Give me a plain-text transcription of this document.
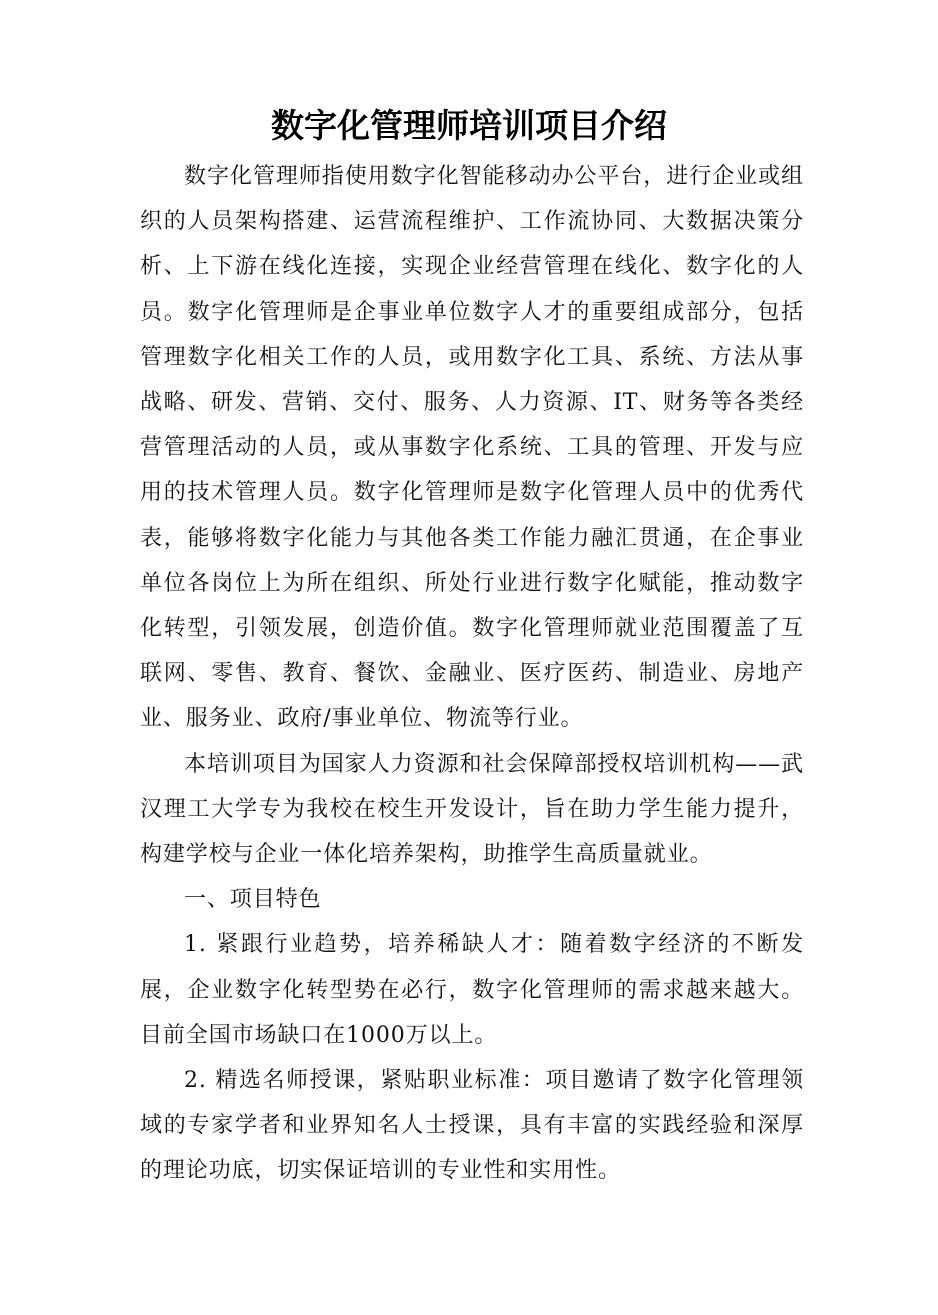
数字化管理师培训项目介绍

数字化管理师指使用数字化智能移动办公平台，进行企业或组织的人员架构搭建、运营流程维护、工作流协同、大数据决策分析、上下游在线化连接，实现企业经营管理在线化、数字化的人员。数字化管理师是企事业单位数字人才的重要组成部分，包括管理数字化相关工作的人员，或用数字化工具、系统、方法从事战略、研发、营销、交付、服务、人力资源、IT、财务等各类经营管理活动的人员，或从事数字化系统、工具的管理、开发与应用的技术管理人员。数字化管理师是数字化管理人员中的优秀代表，能够将数字化能力与其他各类工作能力融汇贯通，在企事业单位各岗位上为所在组织、所处行业进行数字化赋能，推动数字化转型，引领发展，创造价值。数字化管理师就业范围覆盖了互联网、零售、教育、餐饮、金融业、医疗医药、制造业、房地产业、服务业、政府/事业单位、物流等行业。

本培训项目为国家人力资源和社会保障部授权培训机构——武汉理工大学专为我校在校生开发设计，旨在助力学生能力提升，构建学校与企业一体化培养架构，助推学生高质量就业。

一、项目特色

1. 紧跟行业趋势，培养稀缺人才：随着数字经济的不断发展，企业数字化转型势在必行，数字化管理师的需求越来越大。目前全国市场缺口在1000万以上。

2. 精选名师授课，紧贴职业标准：项目邀请了数字化管理领域的专家学者和业界知名人士授课，具有丰富的实践经验和深厚的理论功底，切实保证培训的专业性和实用性。
